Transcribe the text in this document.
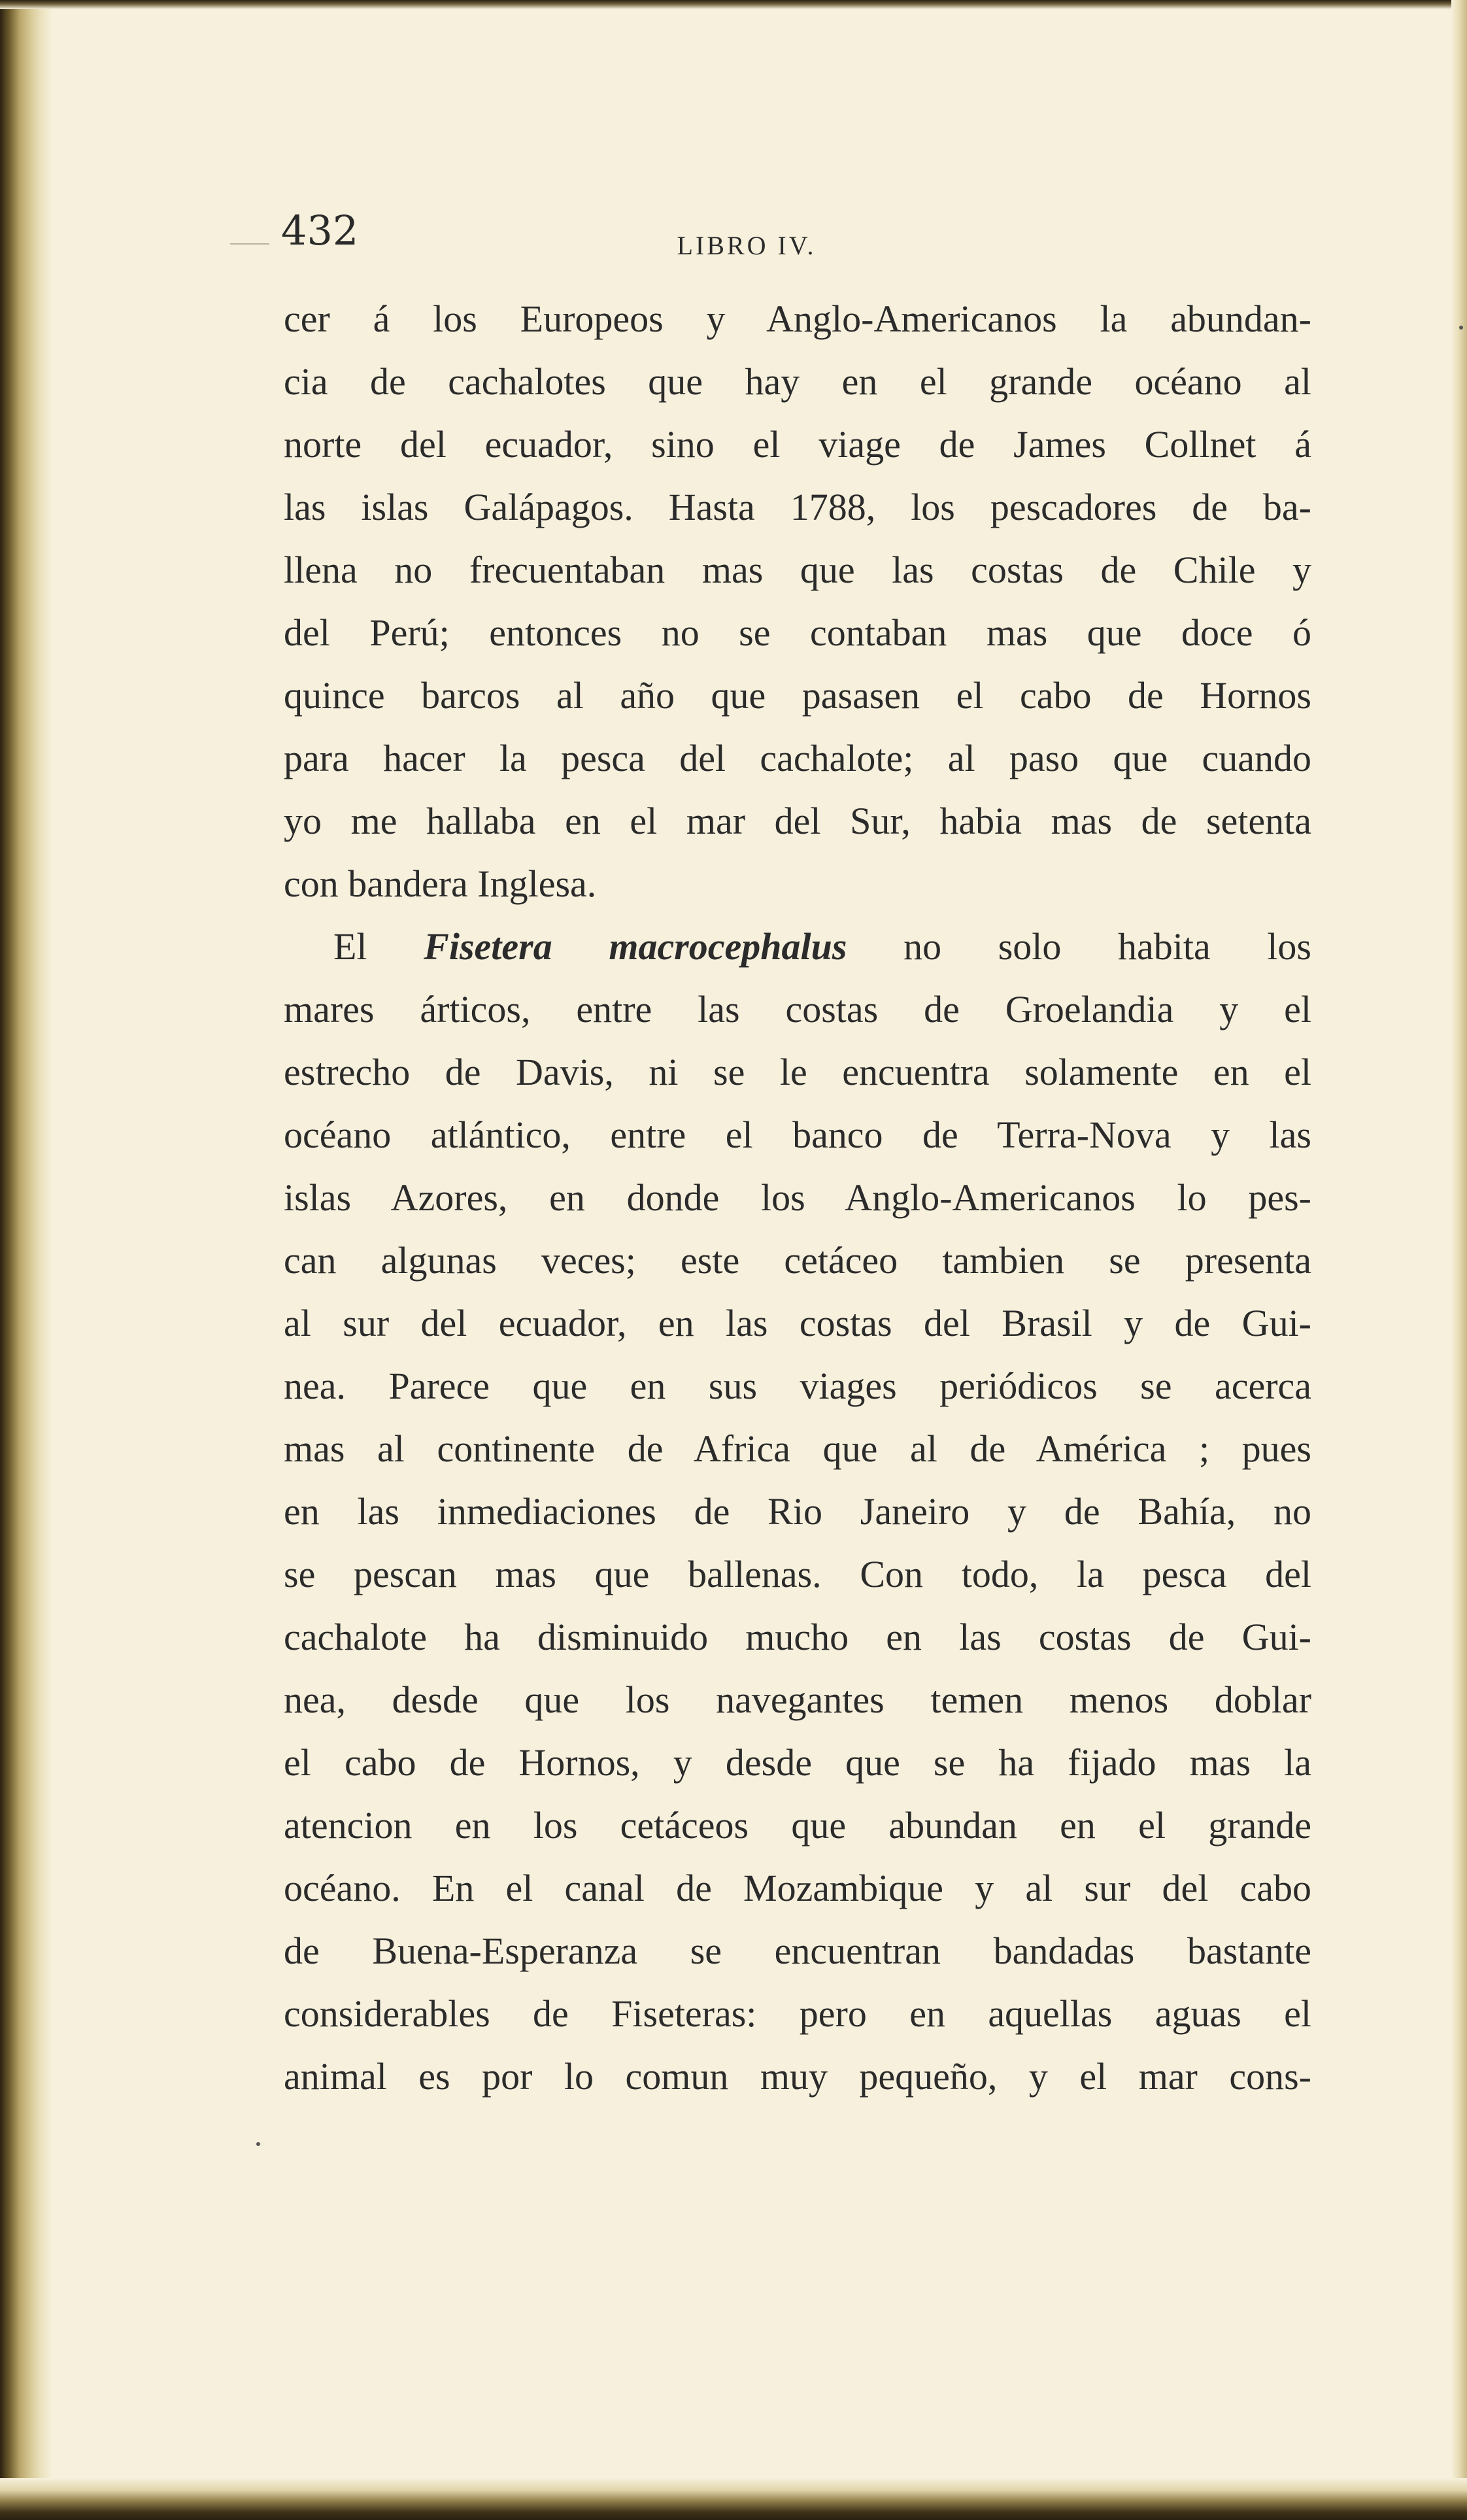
432	LIBRO IV.
cer á los Europeos y Anglo-Americanos la abundan-
cia de cachalotes que hay en el grande océano al
norte del ecuador, sino el viage de James Collnet á
las islas Galápagos. Hasta 1788, los pescadores de ba-
llena no frecuentaban mas que las costas de Chile y
del Perú; entonces no se contaban mas que doce ó
quince barcos al año que pasasen el cabo de Hornos
para hacer la pesca del cachalote; al paso que cuando
yo me hallaba en el mar del Sur, habia mas de setenta
con bandera Inglesa.
El Fisetera macrocephalus no solo habita los
mares árticos, entre las costas de Groelandia y el
estrecho de Davis, ni se le encuentra solamente en el
océano atlántico, entre el banco de Terra-Nova y las
islas Azores, en donde los Anglo-Americanos lo pes-
can algunas veces; este cetáceo tambien se presenta
al sur del ecuador, en las costas del Brasil y de Gui-
nea. Parece que en sus viages periódicos se acerca
mas al continente de Africa que al de América ; pues
en las inmediaciones de Rio Janeiro y de Bahía, no
se pescan mas que ballenas. Con todo, la pesca del
cachalote ha disminuido mucho en las costas de Gui-
nea, desde que los navegantes temen menos doblar
el cabo de Hornos, y desde que se ha fijado mas la
atencion en los cetáceos que abundan en el grande
océano. En el canal de Mozambique y al sur del cabo
de Buena-Esperanza se encuentran bandadas bastante
considerables de Fiseteras: pero en aquellas aguas el
animal es por lo comun muy pequeño, y el mar cons-
